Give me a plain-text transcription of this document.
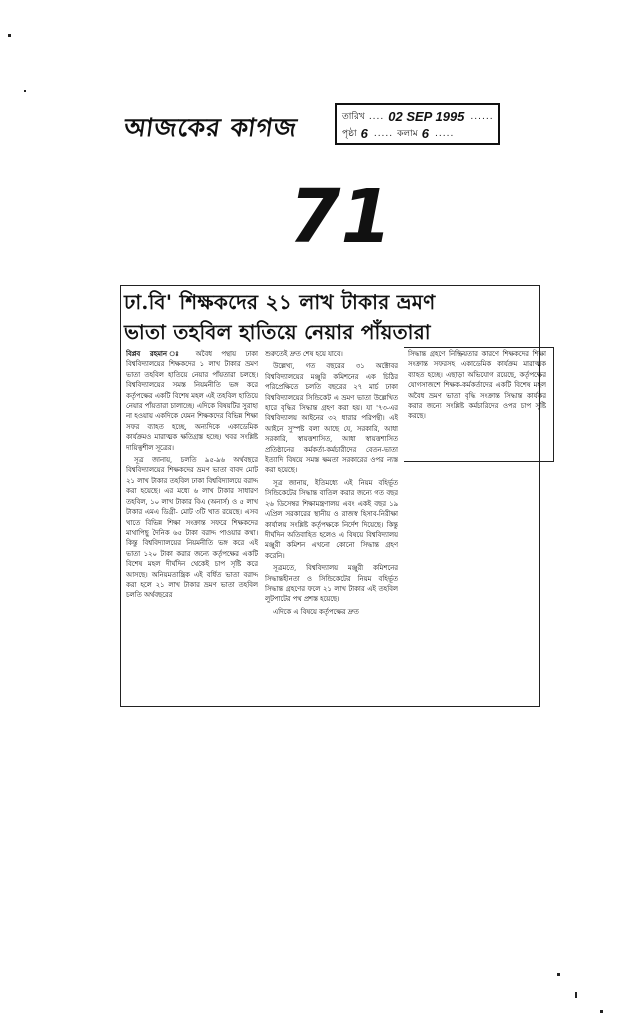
আজকের কাগজ	তারিখ .... 02 SEP 1995 ......
পৃষ্ঠা 6 ..... কলাম 6 .....
71
ঢা.বি' শিক্ষকদের ২১ লাখ টাকার ভ্রমণ
ভাতা তহবিল হাতিয়ে নেয়ার পাঁয়তারা

বিপ্লব রহমান ঃ অবৈধ পন্থায় ঢাকা বিশ্ববিদ্যালয়ের শিক্ষকদের ১ লাখ টাকার ভ্রমণ ভাতা তহবিল হাতিয়ে নেয়ার পাঁয়তারা চলছে। বিশ্ববিদ্যালয়ের সমস্ত নিয়মনীতি ভঙ্গ করে কর্তৃপক্ষের একটি বিশেষ মহল এই তহবিল হাতিয়ে নেয়ার পাঁয়তারা চালাচ্ছে। এদিকে বিষয়টির সুরাহা না হওয়ায় একদিকে যেমন শিক্ষকদের বিভিন্ন শিক্ষা সফর ব্যাহত হচ্ছে, অন্যদিকে একাডেমিক কার্যক্রমও মারাত্মক ক্ষতিগ্রস্ত হচ্ছে। খবর সংশ্লিষ্ট দায়িত্বশীল সূত্রের।

সূত্র জানায়, চলতি ৯৫-৯৬ অর্থবছরে বিশ্ববিদ্যালয়ের শিক্ষকদের ভ্রমণ ভাতা বাবদ মোট ২১ লাখ টাকার তহবিল ঢাকা বিশ্ববিদ্যালয়ে বরাদ্দ করা হয়েছে। এর মধ্যে ৬ লাখ টাকার সাধারণ তহবিল, ১০ লাখ টাকার বিএ (অনার্স) ও ৫ লাখ টাকার এমএ ডিগ্রী- মোট ৩টি খাত রয়েছে। এসব খাতে বিভিন্ন শিক্ষা সংক্রান্ত সফরে শিক্ষকদের মাথাপিছু দৈনিক ৬৫ টাকা বরাদ্দ পাওয়ার কথা। কিন্তু বিশ্ববিদ্যালয়ের নিয়মনীতি ভঙ্গ করে এই ভাতা ১২০ টাকা করার জন্যে কর্তৃপক্ষের একটি বিশেষ মহল দীর্ঘদিন থেকেই চাপ সৃষ্টি করে আসছে। অনিয়মতান্ত্রিক এই বর্ধিত ভাতা বরাদ্দ করা হলে ২১ লাখ টাকার ভ্রমণ ভাতা তহবিল চলতি অর্থবছরের

শুরুতেই দ্রুত শেষ হয়ে যাবে।

উল্লেখ্য, গত বছরের ৩১ অক্টোবর বিশ্ববিদ্যালয়ের মঞ্জুরি কমিশনের এক চিঠির পরিপ্রেক্ষিতে চলতি বছরের ২৭ মার্চ ঢাকা বিশ্ববিদ্যালয়ের সিন্ডিকেট এ ভ্রমণ ভাতা উল্লেখিত হারে বৃদ্ধির সিদ্ধান্ত গ্রহণ করা হয়। যা '৭৩-এর বিশ্ববিদ্যালয় আইনের ৩২ ধারার পরিপন্থী। এই আইনে সুস্পষ্ট বলা আছে যে, সরকারি, আধা সরকারি, স্বায়ত্তশাসিত, আধা স্বায়ত্তশাসিত প্রতিষ্ঠানের কর্মকর্তা-কর্মচারীদের বেতন-ভাতা ইত্যাদি বিষয়ে সমস্ত ক্ষমতা সরকারের ওপর ন্যস্ত করা হয়েছে।

সূত্র জানায়, ইতিমধ্যে এই নিয়ম বহির্ভূত সিন্ডিকেটের সিদ্ধান্ত বাতিল করার জন্যে গত বছর ২৬ ডিসেম্বর শিক্ষামন্ত্রণালয় এবং একই বছর ১৯ এপ্রিল সরকারের স্থানীয় ও রাজস্ব হিসাব-নিরীক্ষা কার্যালয় সংশ্লিষ্ট কর্তৃপক্ষকে নির্দেশ দিয়েছে। কিন্তু দীর্ঘদিন অতিবাহিত হলেও এ বিষয়ে বিশ্ববিদ্যালয় মঞ্জুরী কমিশন এখনো কোনো সিদ্ধান্ত গ্রহণ করেনি।

সূত্রমতে, বিশ্ববিদ্যালয় মঞ্জুরী কমিশনের সিদ্ধান্তহীনতা ও সিন্ডিকেটের নিয়ম বহির্ভূত সিদ্ধান্ত গ্রহণের ফলে ২১ লাখ টাকার এই তহবিল লুটপাটের পথ প্রশস্ত হয়েছে।

এদিকে এ বিষয়ে কর্তৃপক্ষের দ্রুত

সিদ্ধান্ত গ্রহণে নিষ্ক্রিয়তার কারণে শিক্ষকদের শিক্ষা সংক্রান্ত সফরসহ একাডেমিক কার্যক্রম মারাত্মক ব্যাহত হচ্ছে। এছাড়া অভিযোগ রয়েছে, কর্তৃপক্ষের যোগসাজশে শিক্ষক-কর্মকর্তাদের একটি বিশেষ মহল অবৈধ ভ্রমণ ভাতা বৃদ্ধি সংক্রান্ত সিদ্ধান্ত কার্যকর করার জন্যে সংশ্লিষ্ট কর্মচারিদের ওপর চাপ সৃষ্টি করছে।
